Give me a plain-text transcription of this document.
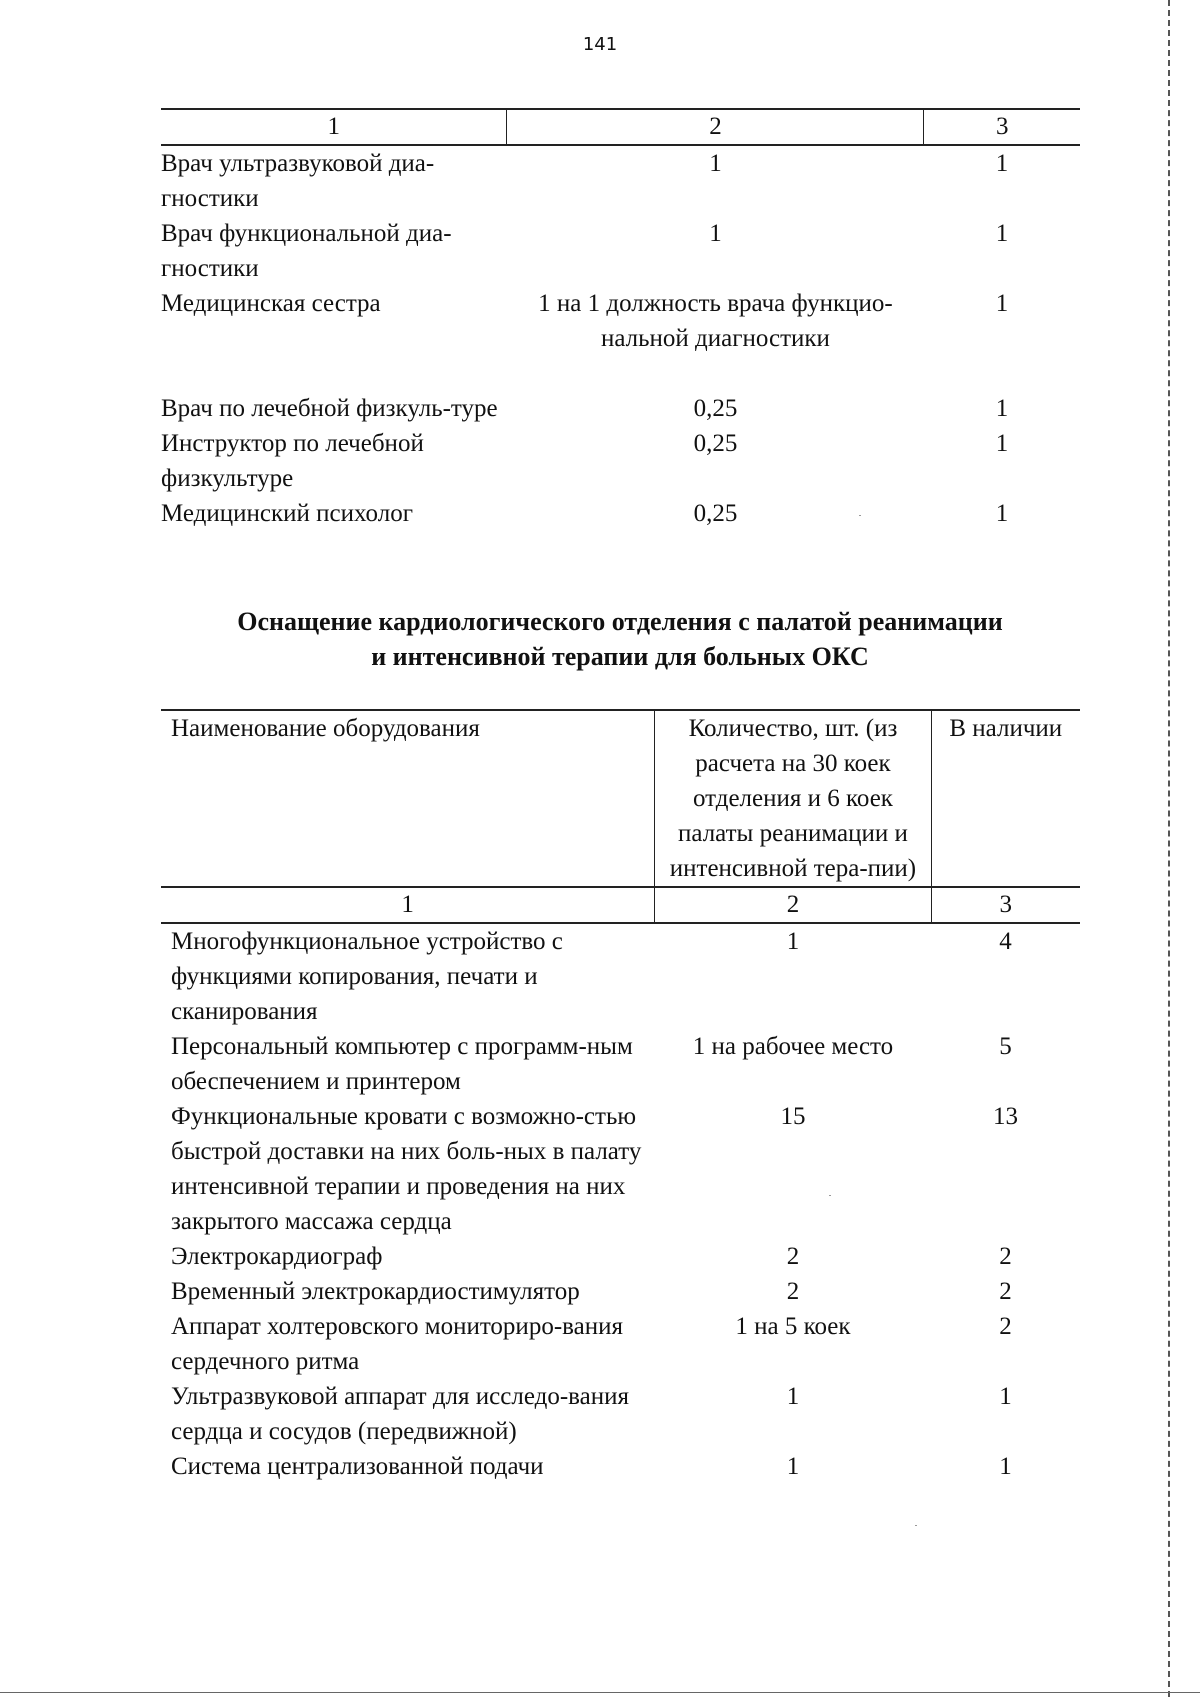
141
1	2	3
Врач ультразвуковой диа-гностики	1	1
Врач функциональной диа-гностики	1	1
Медицинская сестра	1 на 1 должность врача функцио-нальной диагностики	1
Врач по лечебной физкуль-туре	0,25	1
Инструктор по лечебной физкультуре	0,25	1
Медицинский психолог	0,25	1
Оснащение кардиологического отделения с палатой реанимации
и интенсивной терапии для больных ОКС
Наименование оборудования	Количество, шт. (из расчета на 30 коек отделения и 6 коек палаты реанимации и интенсивной тера-пии)	В наличии
1	2	3
Многофункциональное устройство с функциями копирования, печати и сканирования	1	4
Персональный компьютер с программ-ным обеспечением и принтером	1 на рабочее место	5
Функциональные кровати с возможно-стью быстрой доставки на них боль-ных в палату интенсивной терапии и проведения на них закрытого массажа сердца	15	13
Электрокардиограф	2	2
Временный электрокардиостимулятор	2	2
Аппарат холтеровского мониториро-вания сердечного ритма	1 на 5 коек	2
Ультразвуковой аппарат для исследо-вания сердца и сосудов (передвижной)	1	1
Система централизованной подачи	1	1
